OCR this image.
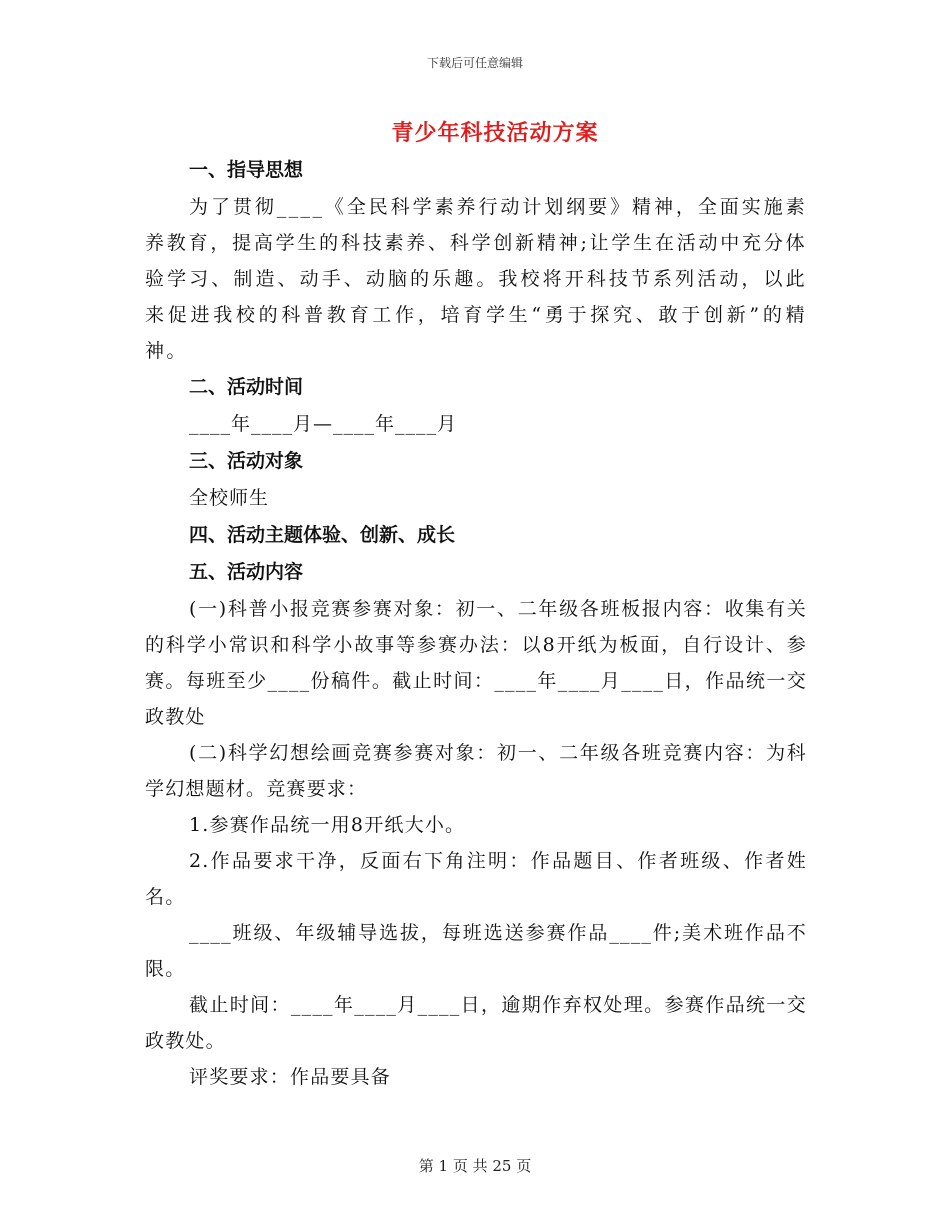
下载后可任意编辑
青少年科技活动方案
一、指导思想

为了贯彻____《全民科学素养行动计划纲要》精神，全面实施素养教育，提高学生的科技素养、科学创新精神;让学生在活动中充分体验学习、制造、动手、动脑的乐趣。我校将开科技节系列活动，以此来促进我校的科普教育工作，培育学生“勇于探究、敢于创新”的精神。

二、活动时间
____年____月—____年____月
三、活动对象
全校师生
四、活动主题体验、创新、成长
五、活动内容

(一)科普小报竞赛参赛对象：初一、二年级各班板报内容：收集有关的科学小常识和科学小故事等参赛办法：以8开纸为板面，自行设计、参赛。每班至少____份稿件。截止时间：____年____月____日，作品统一交政教处

(二)科学幻想绘画竞赛参赛对象：初一、二年级各班竞赛内容：为科学幻想题材。竞赛要求：

1.参赛作品统一用8开纸大小。

2.作品要求干净，反面右下角注明：作品题目、作者班级、作者姓名。

____班级、年级辅导选拔，每班选送参赛作品____件;美术班作品不限。

截止时间：____年____月____日，逾期作弃权处理。参赛作品统一交政教处。

评奖要求：作品要具备

第 1 页 共 25 页
